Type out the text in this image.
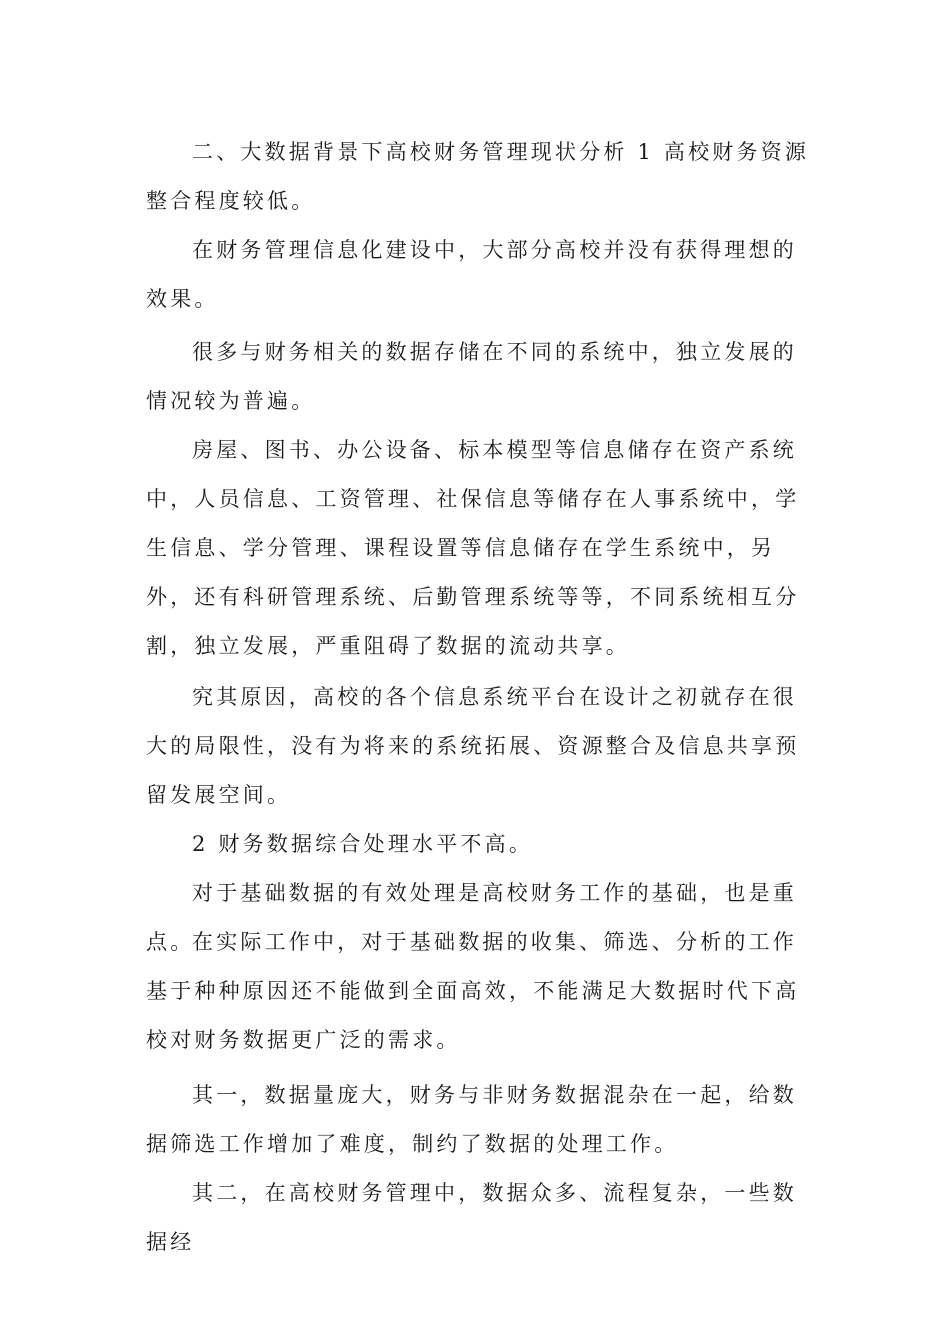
二、大数据背景下高校财务管理现状分析 1 高校财务资源整合程度较低。

在财务管理信息化建设中，大部分高校并没有获得理想的效果。

很多与财务相关的数据存储在不同的系统中，独立发展的情况较为普遍。

房屋、图书、办公设备、标本模型等信息储存在资产系统中，人员信息、工资管理、社保信息等储存在人事系统中，学生信息、学分管理、课程设置等信息储存在学生系统中，另外，还有科研管理系统、后勤管理系统等等，不同系统相互分割，独立发展，严重阻碍了数据的流动共享。

究其原因，高校的各个信息系统平台在设计之初就存在很大的局限性，没有为将来的系统拓展、资源整合及信息共享预留发展空间。

2 财务数据综合处理水平不高。

对于基础数据的有效处理是高校财务工作的基础，也是重点。

在实际工作中，对于基础数据的收集、筛选、分析的工作基于种种原因还不能做到全面高效，不能满足大数据时代下高校对财务数据更广泛的需求。

其一，数据量庞大，财务与非财务数据混杂在一起，给数据筛选工作增加了难度，制约了数据的处理工作。

其二，在高校财务管理中，数据众多、流程复杂，一些数据经
